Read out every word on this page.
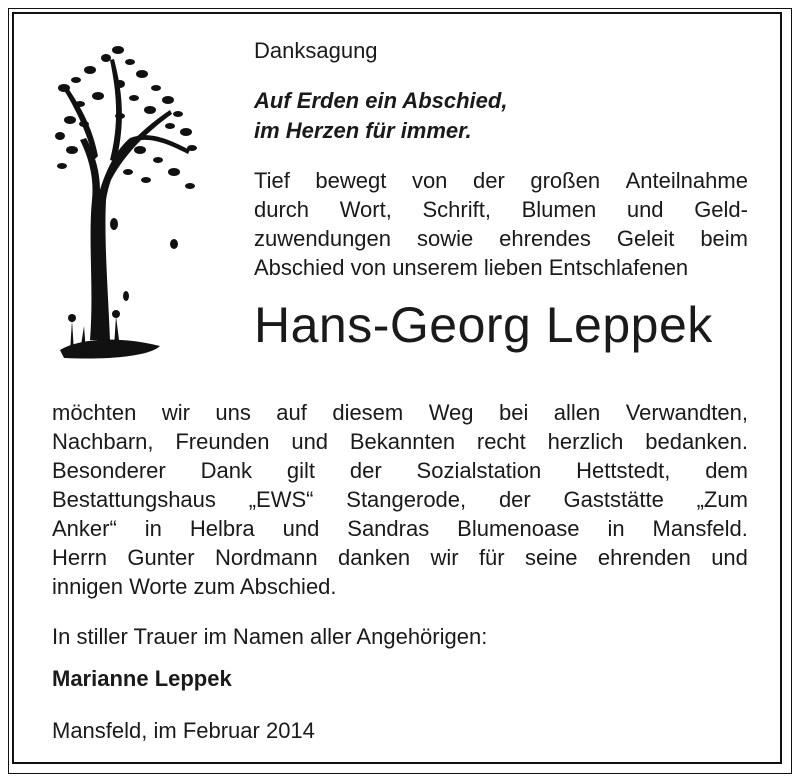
Danksagung
Auf Erden ein Abschied,
im Herzen für immer.
Tief bewegt von der großen Anteilnahme
durch Wort, Schrift, Blumen und Geld-
zuwendungen sowie ehrendes Geleit beim
Abschied von unserem lieben Entschlafenen
Hans-Georg Leppek
möchten wir uns auf diesem Weg bei allen Verwandten,
Nachbarn, Freunden und Bekannten recht herzlich bedanken.
Besonderer Dank gilt der Sozialstation Hettstedt, dem
Bestattungshaus „EWS“ Stangerode, der Gaststätte „Zum
Anker“ in Helbra und Sandras Blumenoase in Mansfeld.
Herrn Gunter Nordmann danken wir für seine ehrenden und
innigen Worte zum Abschied.
In stiller Trauer im Namen aller Angehörigen:
Marianne Leppek
Mansfeld, im Februar 2014
